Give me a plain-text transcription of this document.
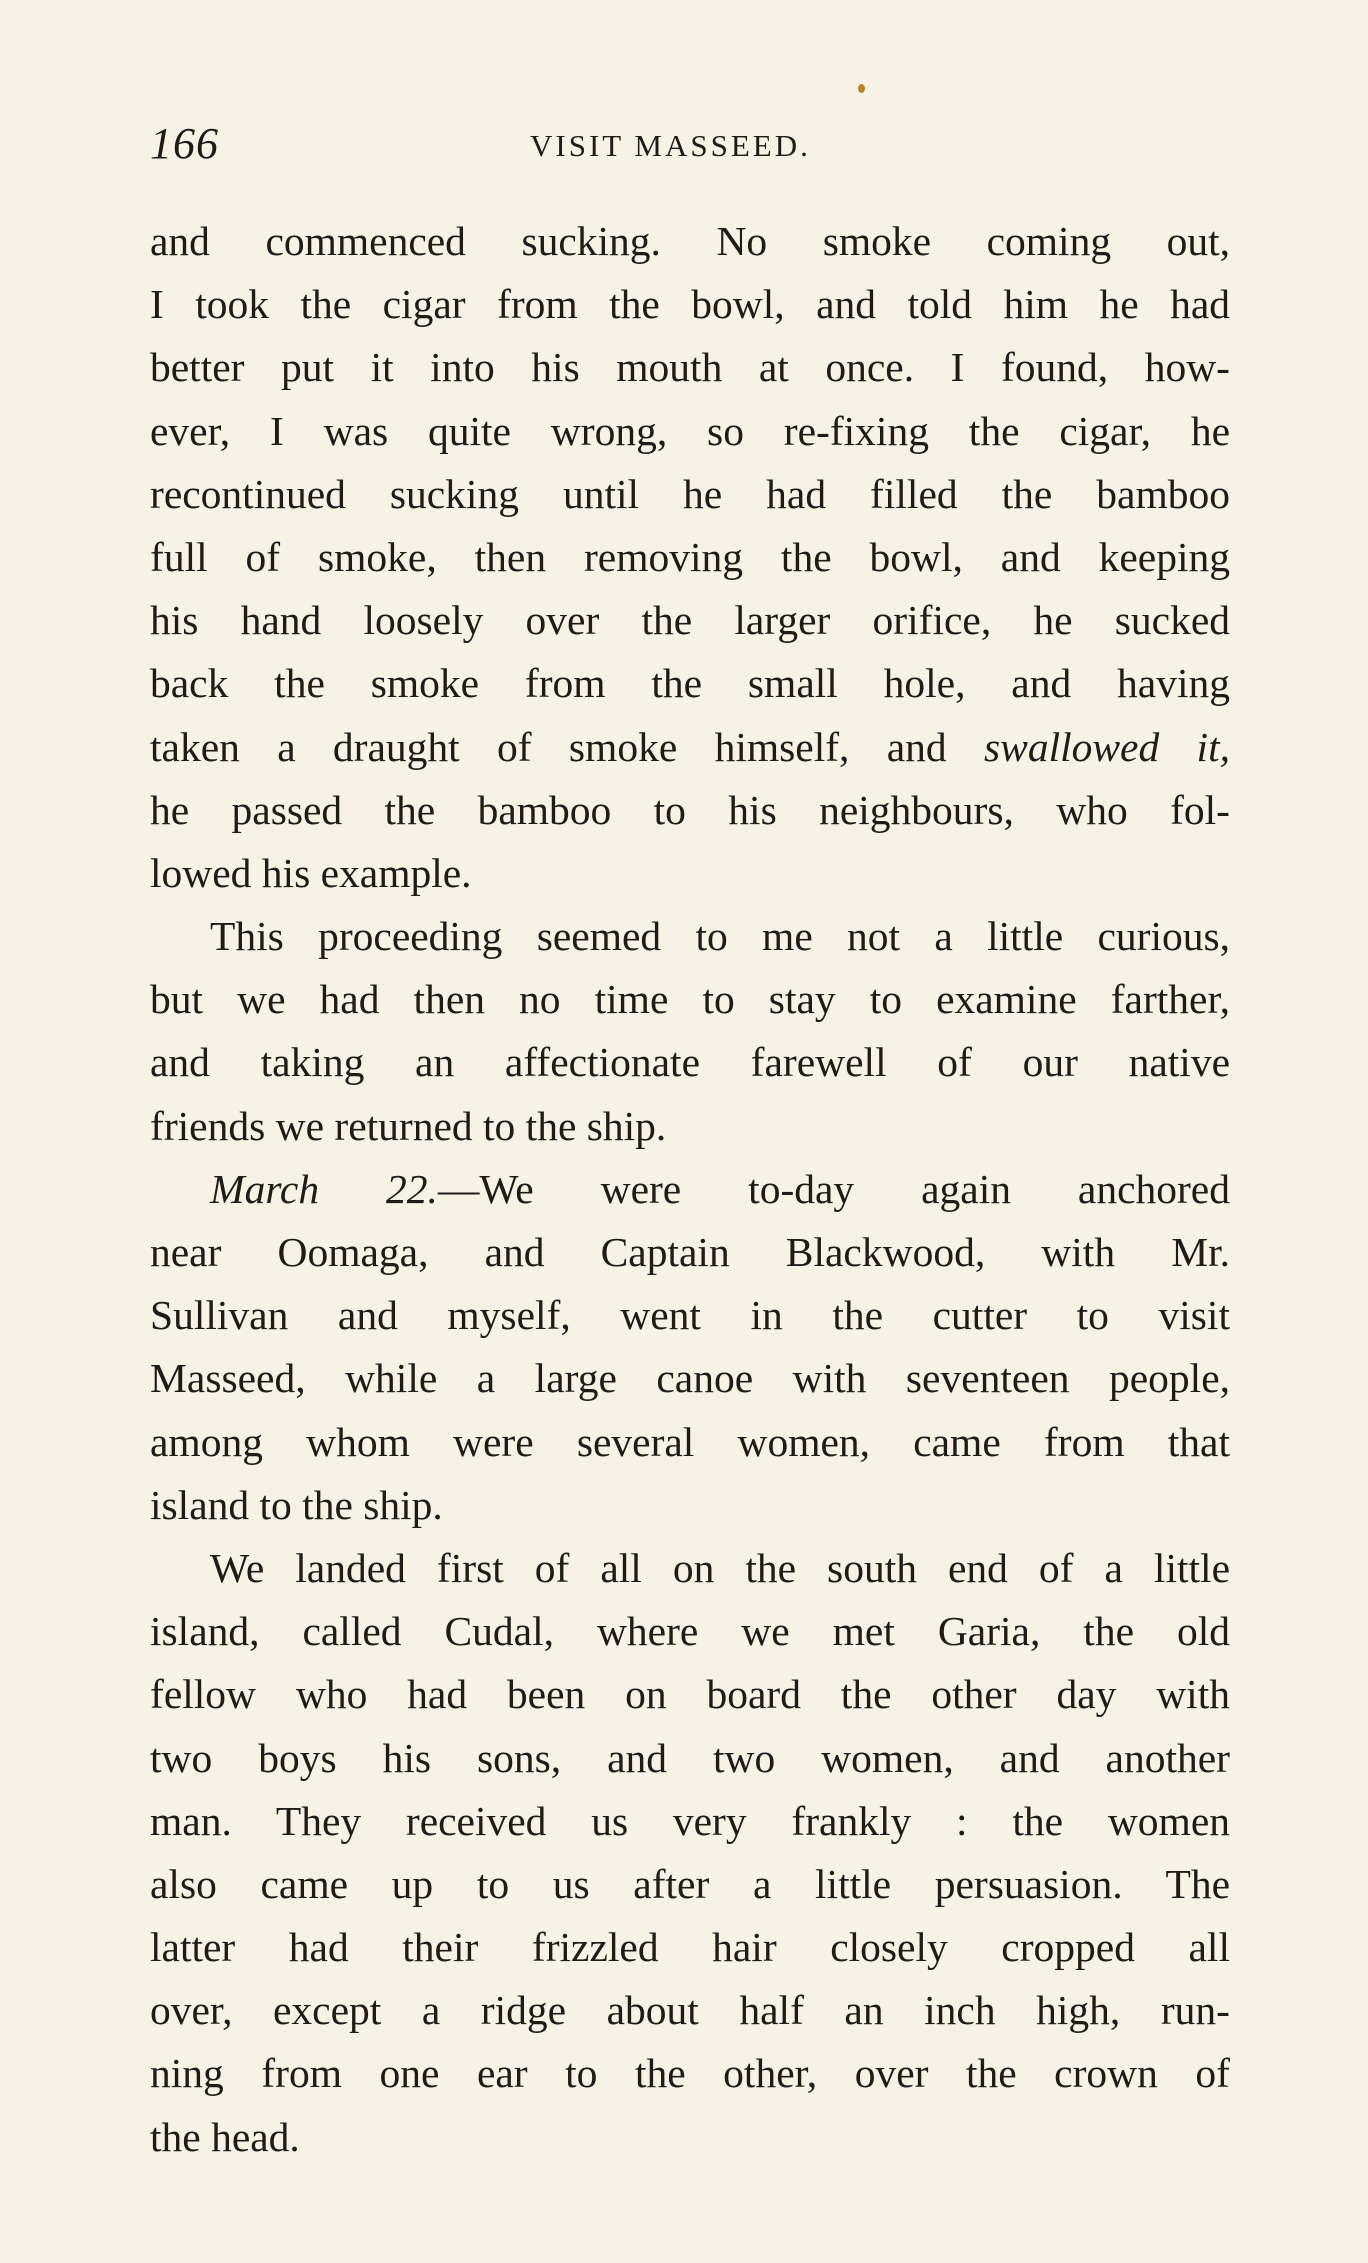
166	VISIT MASSEED.
and commenced sucking. No smoke coming out,
I took the cigar from the bowl, and told him he had
better put it into his mouth at once. I found, how-
ever, I was quite wrong, so re-fixing the cigar, he
recontinued sucking until he had filled the bamboo
full of smoke, then removing the bowl, and keeping
his hand loosely over the larger orifice, he sucked
back the smoke from the small hole, and having
taken a draught of smoke himself, and swallowed it,
he passed the bamboo to his neighbours, who fol-
lowed his example.
This proceeding seemed to me not a little curious,
but we had then no time to stay to examine farther,
and taking an affectionate farewell of our native
friends we returned to the ship.
March 22.—We were to-day again anchored
near Oomaga, and Captain Blackwood, with Mr.
Sullivan and myself, went in the cutter to visit
Masseed, while a large canoe with seventeen people,
among whom were several women, came from that
island to the ship.
We landed first of all on the south end of a little
island, called Cudal, where we met Garia, the old
fellow who had been on board the other day with
two boys his sons, and two women, and another
man. They received us very frankly : the women
also came up to us after a little persuasion. The
latter had their frizzled hair closely cropped all
over, except a ridge about half an inch high, run-
ning from one ear to the other, over the crown of
the head.
